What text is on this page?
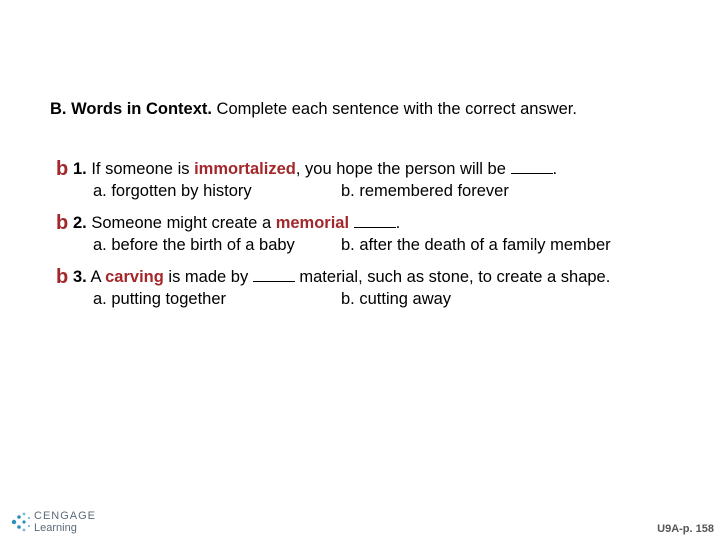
B. Words in Context. Complete each sentence with the correct answer.
b 1. If someone is immortalized, you hope the person will be	.
a. forgotten by history	b. remembered forever
b 2. Someone might create a memorial	.
a. before the birth of a baby	b. after the death of a family member
b 3. A carving is made by	material, such as stone, to create a shape.
a. putting together	b. cutting away
CENGAGE
Learning	U9A-p. 158
